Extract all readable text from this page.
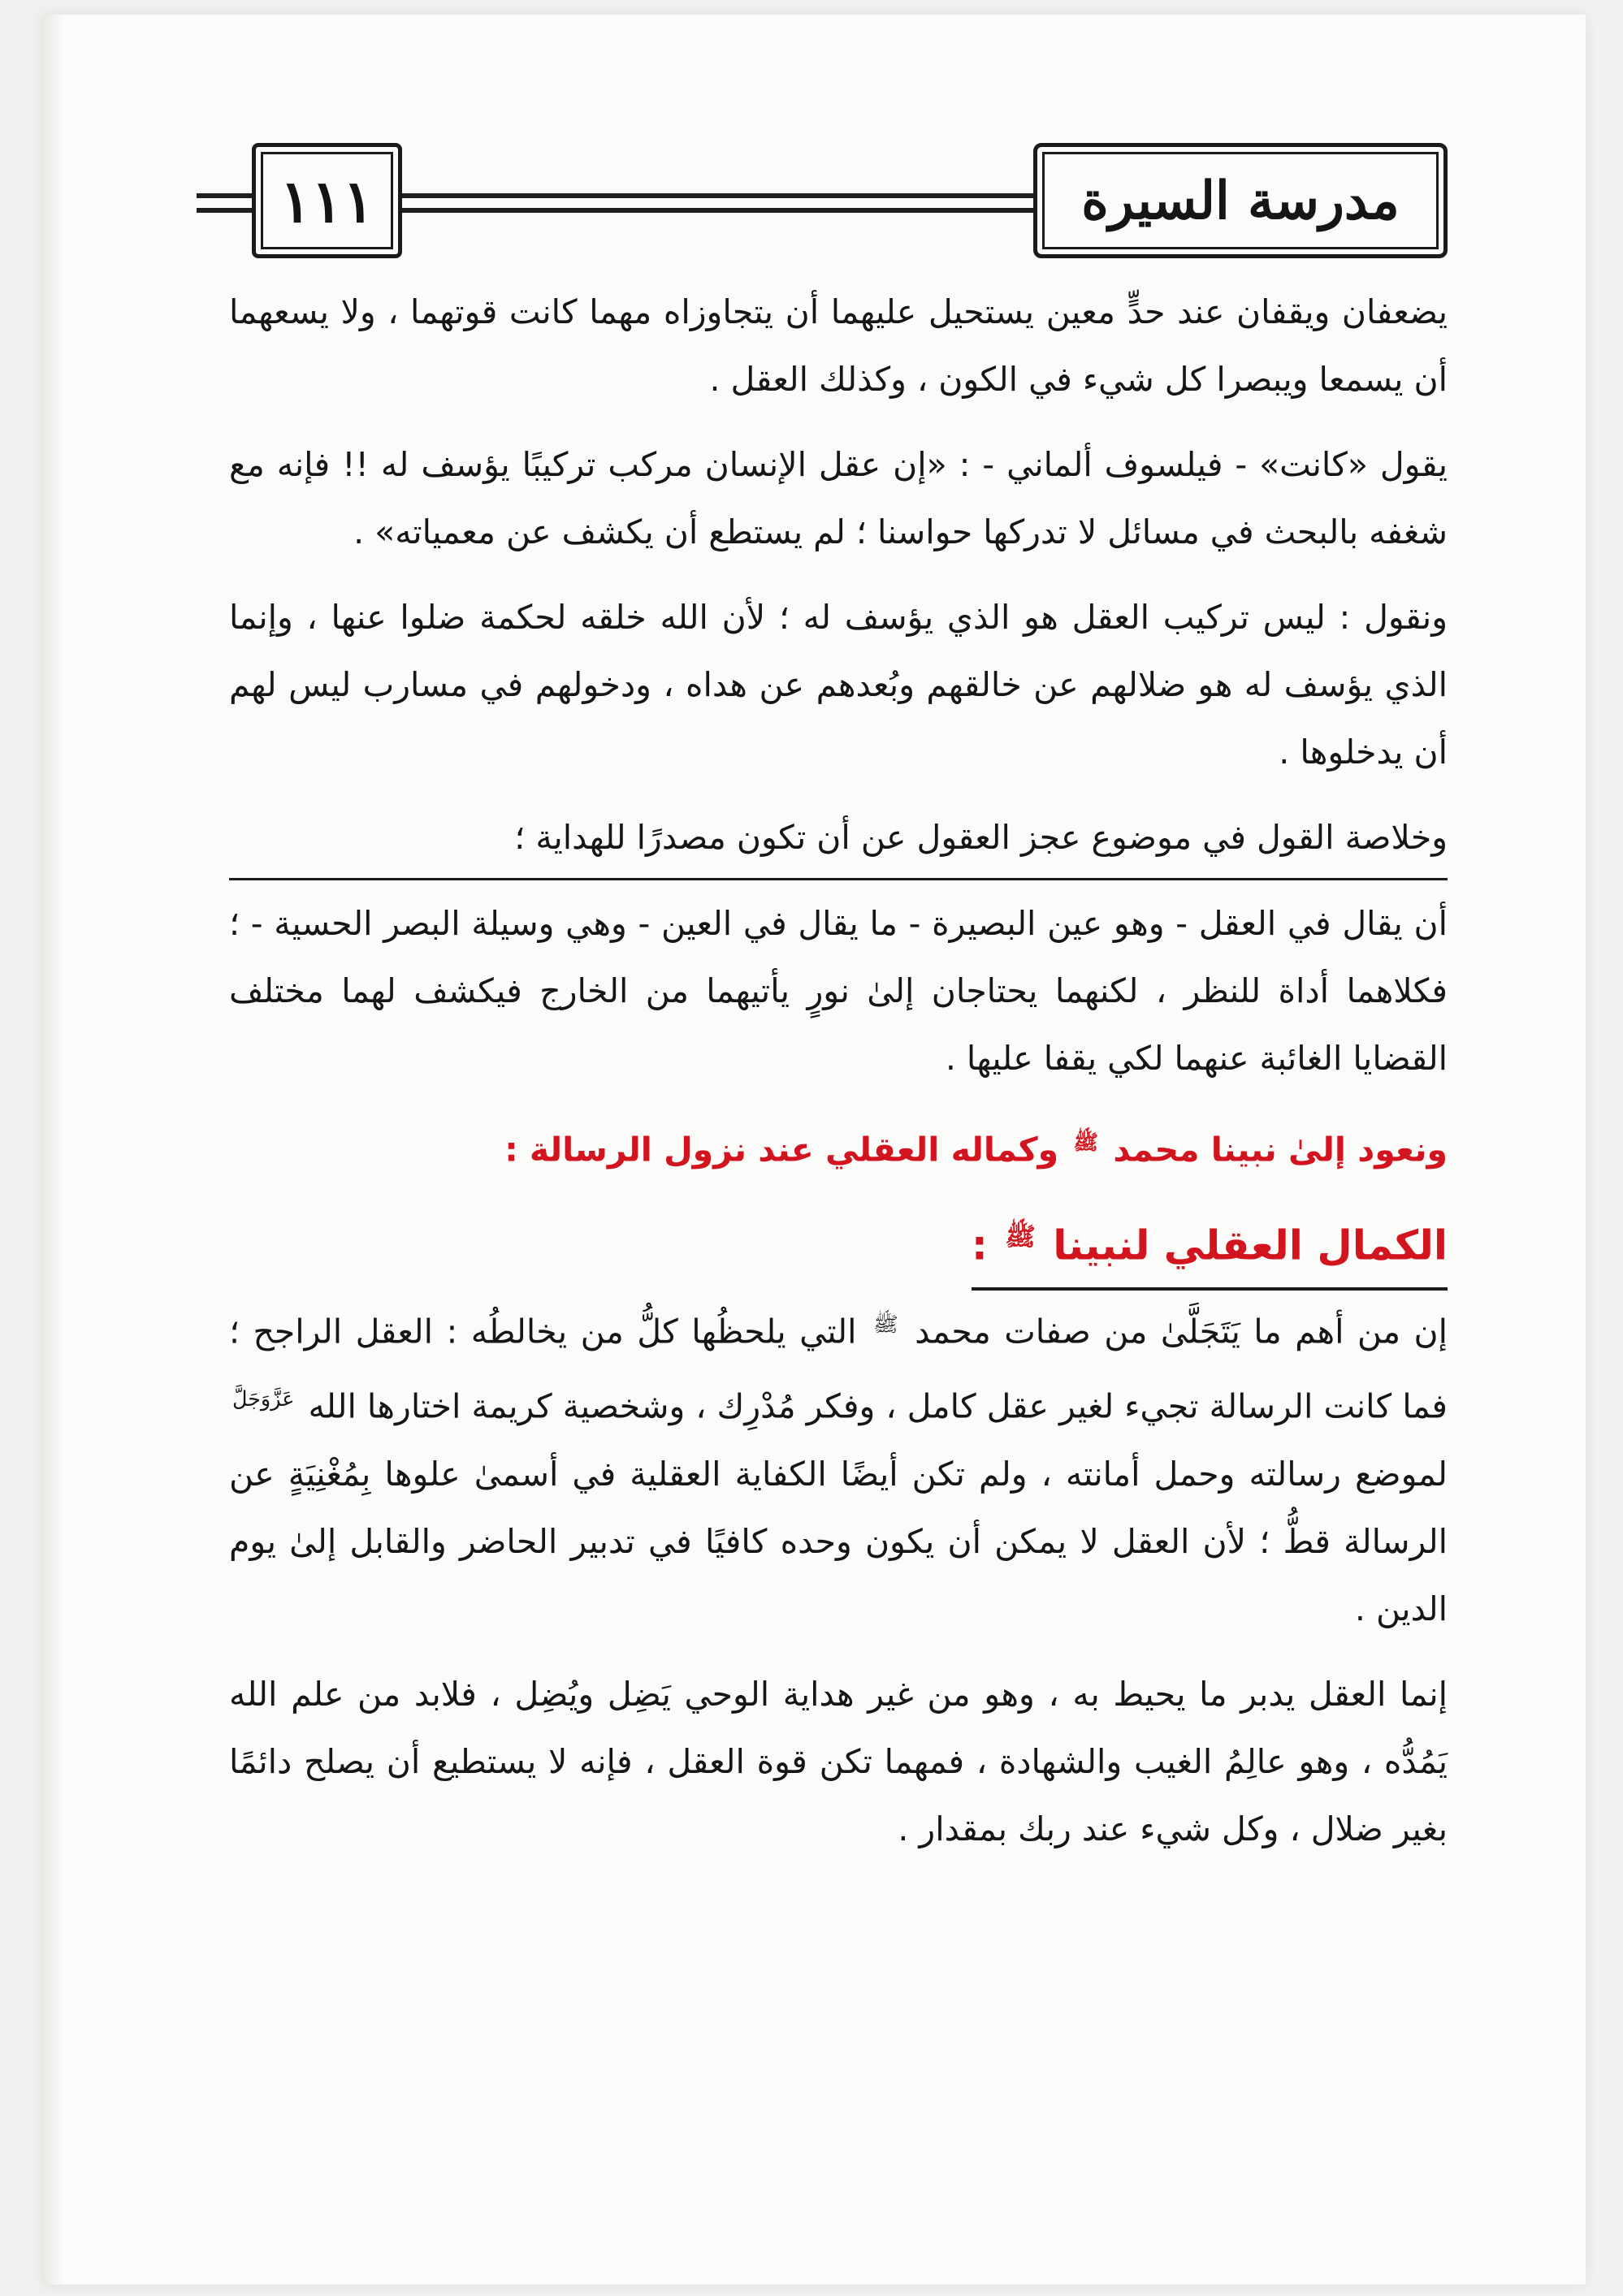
١١١	مدرسة السيرة

يضعفان ويقفان عند حدٍّ معين يستحيل عليهما أن يتجاوزاه مهما كانت قوتهما ، ولا يسعهما أن يسمعا ويبصرا كل شيء في الكون ، وكذلك العقل .

يقول «كانت» - فيلسوف ألماني - : «إن عقل الإنسان مركب تركيبًا يؤسف له !! فإنه مع شغفه بالبحث في مسائل لا تدركها حواسنا ؛ لم يستطع أن يكشف عن معمياته» .

ونقول : ليس تركيب العقل هو الذي يؤسف له ؛ لأن الله خلقه لحكمة ضلوا عنها ، وإنما الذي يؤسف له هو ضلالهم عن خالقهم وبُعدهم عن هداه ، ودخولهم في مسارب ليس لهم أن يدخلوها .

وخلاصة القول في موضوع عجز العقول عن أن تكون مصدرًا للهداية ؛

أن يقال في العقل - وهو عين البصيرة - ما يقال في العين - وهي وسيلة البصر الحسية - ؛ فكلاهما أداة للنظر ، لكنهما يحتاجان إلىٰ نورٍ يأتيهما من الخارج فيكشف لهما مختلف القضايا الغائبة عنهما لكي يقفا عليها .

ونعود إلىٰ نبينا محمد ﷺ وكماله العقلي عند نزول الرسالة :

الكمال العقلي لنبينا ﷺ :

إن من أهم ما يَتَجَلَّىٰ من صفات محمد ﷺ التي يلحظُها كلُّ من يخالطُه : العقل الراجح ؛ فما كانت الرسالة تجيء لغير عقل كامل ، وفكر مُدْرِك ، وشخصية كريمة اختارها الله عَزَّوَجَلَّ لموضع رسالته وحمل أمانته ، ولم تكن أيضًا الكفاية العقلية في أسمىٰ علوها بِمُغْنِيَةٍ عن الرسالة قطُّ ؛ لأن العقل لا يمكن أن يكون وحده كافيًا في تدبير الحاضر والقابل إلىٰ يوم الدين .

إنما العقل يدبر ما يحيط به ، وهو من غير هداية الوحي يَضِل ويُضِل ، فلابد من علم الله يَمُدُّه ، وهو عالِمُ الغيب والشهادة ، فمهما تكن قوة العقل ، فإنه لا يستطيع أن يصلح دائمًا بغير ضلال ، وكل شيء عند ربك بمقدار .
